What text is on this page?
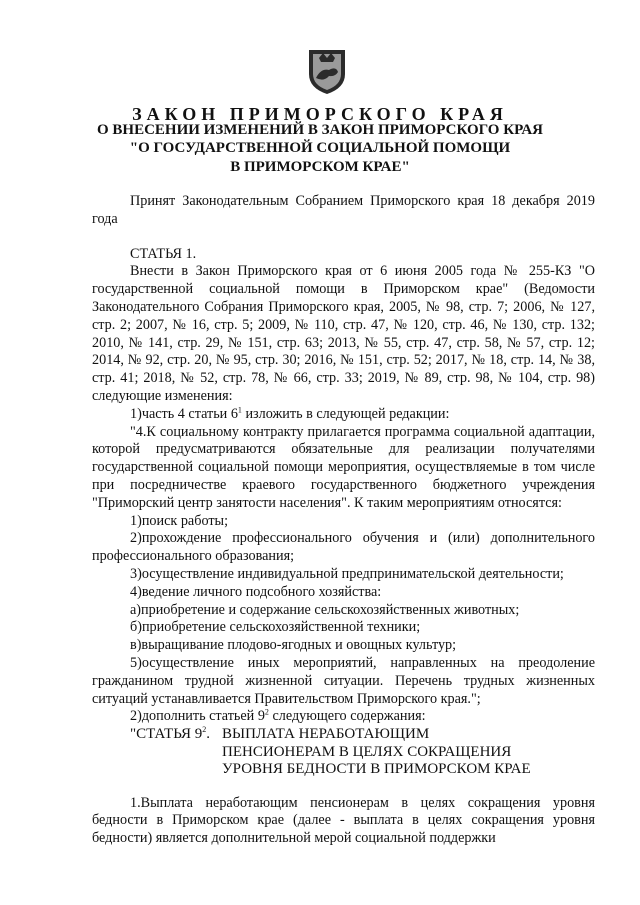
ЗАКОН ПРИМОРСКОГО КРАЯ
О ВНЕСЕНИИ ИЗМЕНЕНИЙ В ЗАКОН ПРИМОРСКОГО КРАЯ
"О ГОСУДАРСТВЕННОЙ СОЦИАЛЬНОЙ ПОМОЩИ
В ПРИМОРСКОМ КРАЕ"

Принят Законодательным Собранием Приморского края 18 декабря 2019 года

СТАТЬЯ 1.

Внести в Закон Приморского края от 6 июня 2005 года № 255-КЗ "О государственной социальной помощи в Приморском крае" (Ведомости Законодательного Собрания Приморского края, 2005, № 98, стр. 7; 2006, № 127, стр. 2; 2007, № 16, стр. 5; 2009, № 110, стр. 47, № 120, стр. 46, № 130, стр. 132; 2010, № 141, стр. 29, № 151, стр. 63; 2013, № 55, стр. 47, стр. 58, № 57, стр. 12; 2014, № 92, стр. 20, № 95, стр. 30; 2016, № 151, стр. 52; 2017, № 18, стр. 14, № 38, стр. 41; 2018, № 52, стр. 78, № 66, стр. 33; 2019, № 89, стр. 98, № 104, стр. 98) следующие изменения:

1)часть 4 статьи $6^1$ изложить в следующей редакции:

"4.К социальному контракту прилагается программа социальной адаптации, которой предусматриваются обязательные для реализации получателями государственной социальной помощи мероприятия, осуществляемые в том числе при посредничестве краевого государственного бюджетного учреждения "Приморский центр занятости населения". К таким мероприятиям относятся:

1)поиск работы;

2)прохождение профессионального обучения и (или) дополнительного профессионального образования;

3)осуществление индивидуальной предпринимательской деятельности;

4)ведение личного подсобного хозяйства:

а)приобретение и содержание сельскохозяйственных животных;

б)приобретение сельскохозяйственной техники;

в)выращивание плодово-ягодных и овощных культур;

5)осуществление иных мероприятий, направленных на преодоление гражданином трудной жизненной ситуации. Перечень трудных жизненных ситуаций устанавливается Правительством Приморского края.";

2)дополнить статьей $9^2$ следующего содержания:

"СТАТЬЯ $9^2$. ВЫПЛАТА НЕРАБОТАЮЩИМ ПЕНСИОНЕРАМ В ЦЕЛЯХ СОКРАЩЕНИЯ УРОВНЯ БЕДНОСТИ В ПРИМОРСКОМ КРАЕ

1.Выплата неработающим пенсионерам в целях сокращения уровня бедности в Приморском крае (далее - выплата в целях сокращения уровня бедности) является дополнительной мерой социальной поддержки
